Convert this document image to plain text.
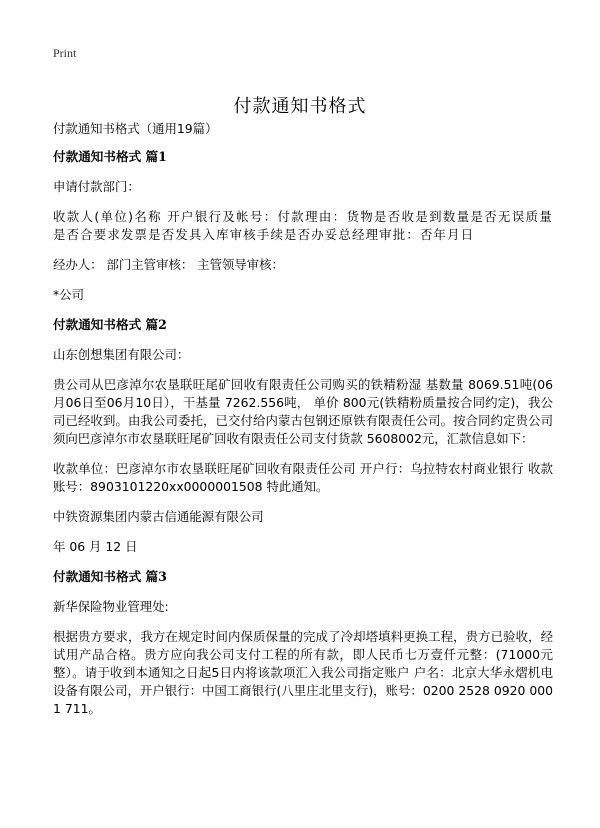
Print
付款通知书格式

付款通知书格式（通用19篇）

付款通知书格式 篇1

申请付款部门：

收款人(单位)名称 开户银行及帐号：付款理由：货物是否收是到数量是否无误质量是否合要求发票是否发具入库审核手续是否办妥总经理审批：否年月日

经办人： 部门主管审核： 主管领导审核：

*公司

付款通知书格式 篇2

山东创想集团有限公司：

贵公司从巴彦淖尔农垦联旺尾矿回收有限责任公司购买的铁精粉湿 基数量 8069.51吨(06月06日至06月10日），干基量 7262.556吨， 单价 800元(铁精粉质量按合同约定)，我公司已经收到。由我公司委托，已交付给内蒙古包钢还原铁有限责任公司。按合同约定贵公司 须向巴彦淖尔市农垦联旺尾矿回收有限责任公司支付货款 5608002元，汇款信息如下：

收款单位：巴彦淖尔市农垦联旺尾矿回收有限责任公司 开户行：乌拉特农村商业银行 收款账号：8903101220xx0000001508 特此通知。

中铁资源集团内蒙古信通能源有限公司

年 06 月 12 日

付款通知书格式 篇3

新华保险物业管理处:

根据贵方要求，我方在规定时间内保质保量的完成了冷却塔填料更换工程，贵方已验收，经试用产品合格。贵方应向我公司支付工程的所有款，即人民币七万壹仟元整：(71000元整）。请于收到本通知之日起5日内将该款项汇入我公司指定账户 户名：北京大华永熠机电设备有限公司，开户银行：中国工商银行(八里庄北里支行)，账号：0200 2528 0920 0001 711。
